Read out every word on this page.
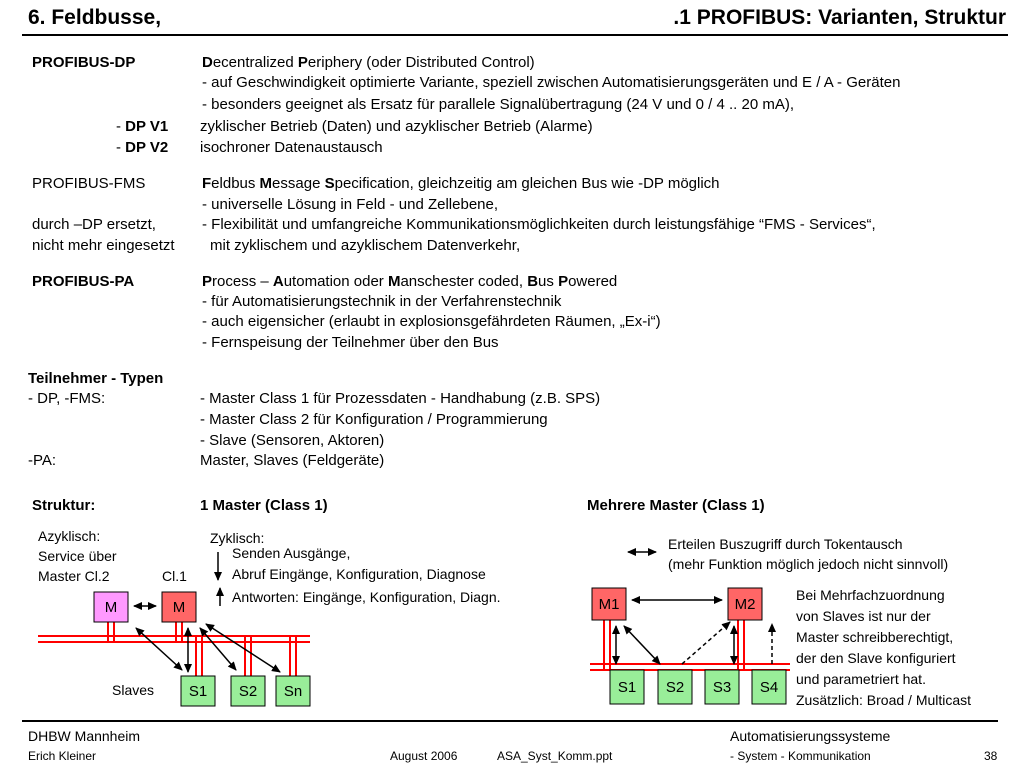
6. Feldbusse,	.1 PROFIBUS: Varianten, Struktur
PROFIBUS-DP	Decentralized Periphery (oder Distributed Control)
- auf Geschwindigkeit optimierte Variante, speziell zwischen Automatisierungsgeräten und E / A - Geräten
- besonders geeignet als Ersatz für parallele Signalübertragung (24 V und 0 / 4 .. 20 mA),
- DP V1 zyklischer Betrieb (Daten) und azyklischer Betrieb (Alarme)
- DP V2 isochroner Datenaustausch
PROFIBUS-FMS	Feldbus Message Specification, gleichzeitig am gleichen Bus wie -DP möglich
- universelle Lösung in Feld - und Zellebene,
durch –DP ersetzt,	- Flexibilität und umfangreiche Kommunikationsmöglichkeiten durch leistungsfähige “FMS - Services“,
nicht mehr eingesetzt mit zyklischem und azyklischem Datenverkehr,
PROFIBUS-PA	Process – Automation oder Manschester coded, Bus Powered
- für Automatisierungstechnik in der Verfahrenstechnik
- auch eigensicher (erlaubt in explosionsgefährdeten Räumen, „Ex-i“)
- Fernspeisung der Teilnehmer über den Bus
Teilnehmer - Typen
- DP, -FMS:	- Master Class 1 für Prozessdaten - Handhabung (z.B. SPS)
- Master Class 2 für Konfiguration / Programmierung
- Slave (Sensoren, Aktoren)
-PA:	Master, Slaves (Feldgeräte)
Struktur:	1 Master (Class 1)	Mehrere Master (Class 1)
Azyklisch:
Service über
Master Cl.2	Cl.1
Zyklisch:
Senden Ausgänge,
Abruf Eingänge, Konfiguration, Diagnose
Antworten: Eingänge, Konfiguration, Diagn.
Slaves
M	M
S1 S2 Sn
Erteilen Buszugriff durch Tokentausch
(mehr Funktion möglich jedoch nicht sinnvoll)
M1	M2
S1 S2 S3 S4
Bei Mehrfachzuordnung
von Slaves ist nur der
Master schreibberechtigt,
der den Slave konfiguriert
und parametriert hat.
Zusätzlich: Broad / Multicast
DHBW Mannheim	Automatisierungssysteme
Erich Kleiner	August 2006	ASA_Syst_Komm.ppt	- System - Kommunikation	38
